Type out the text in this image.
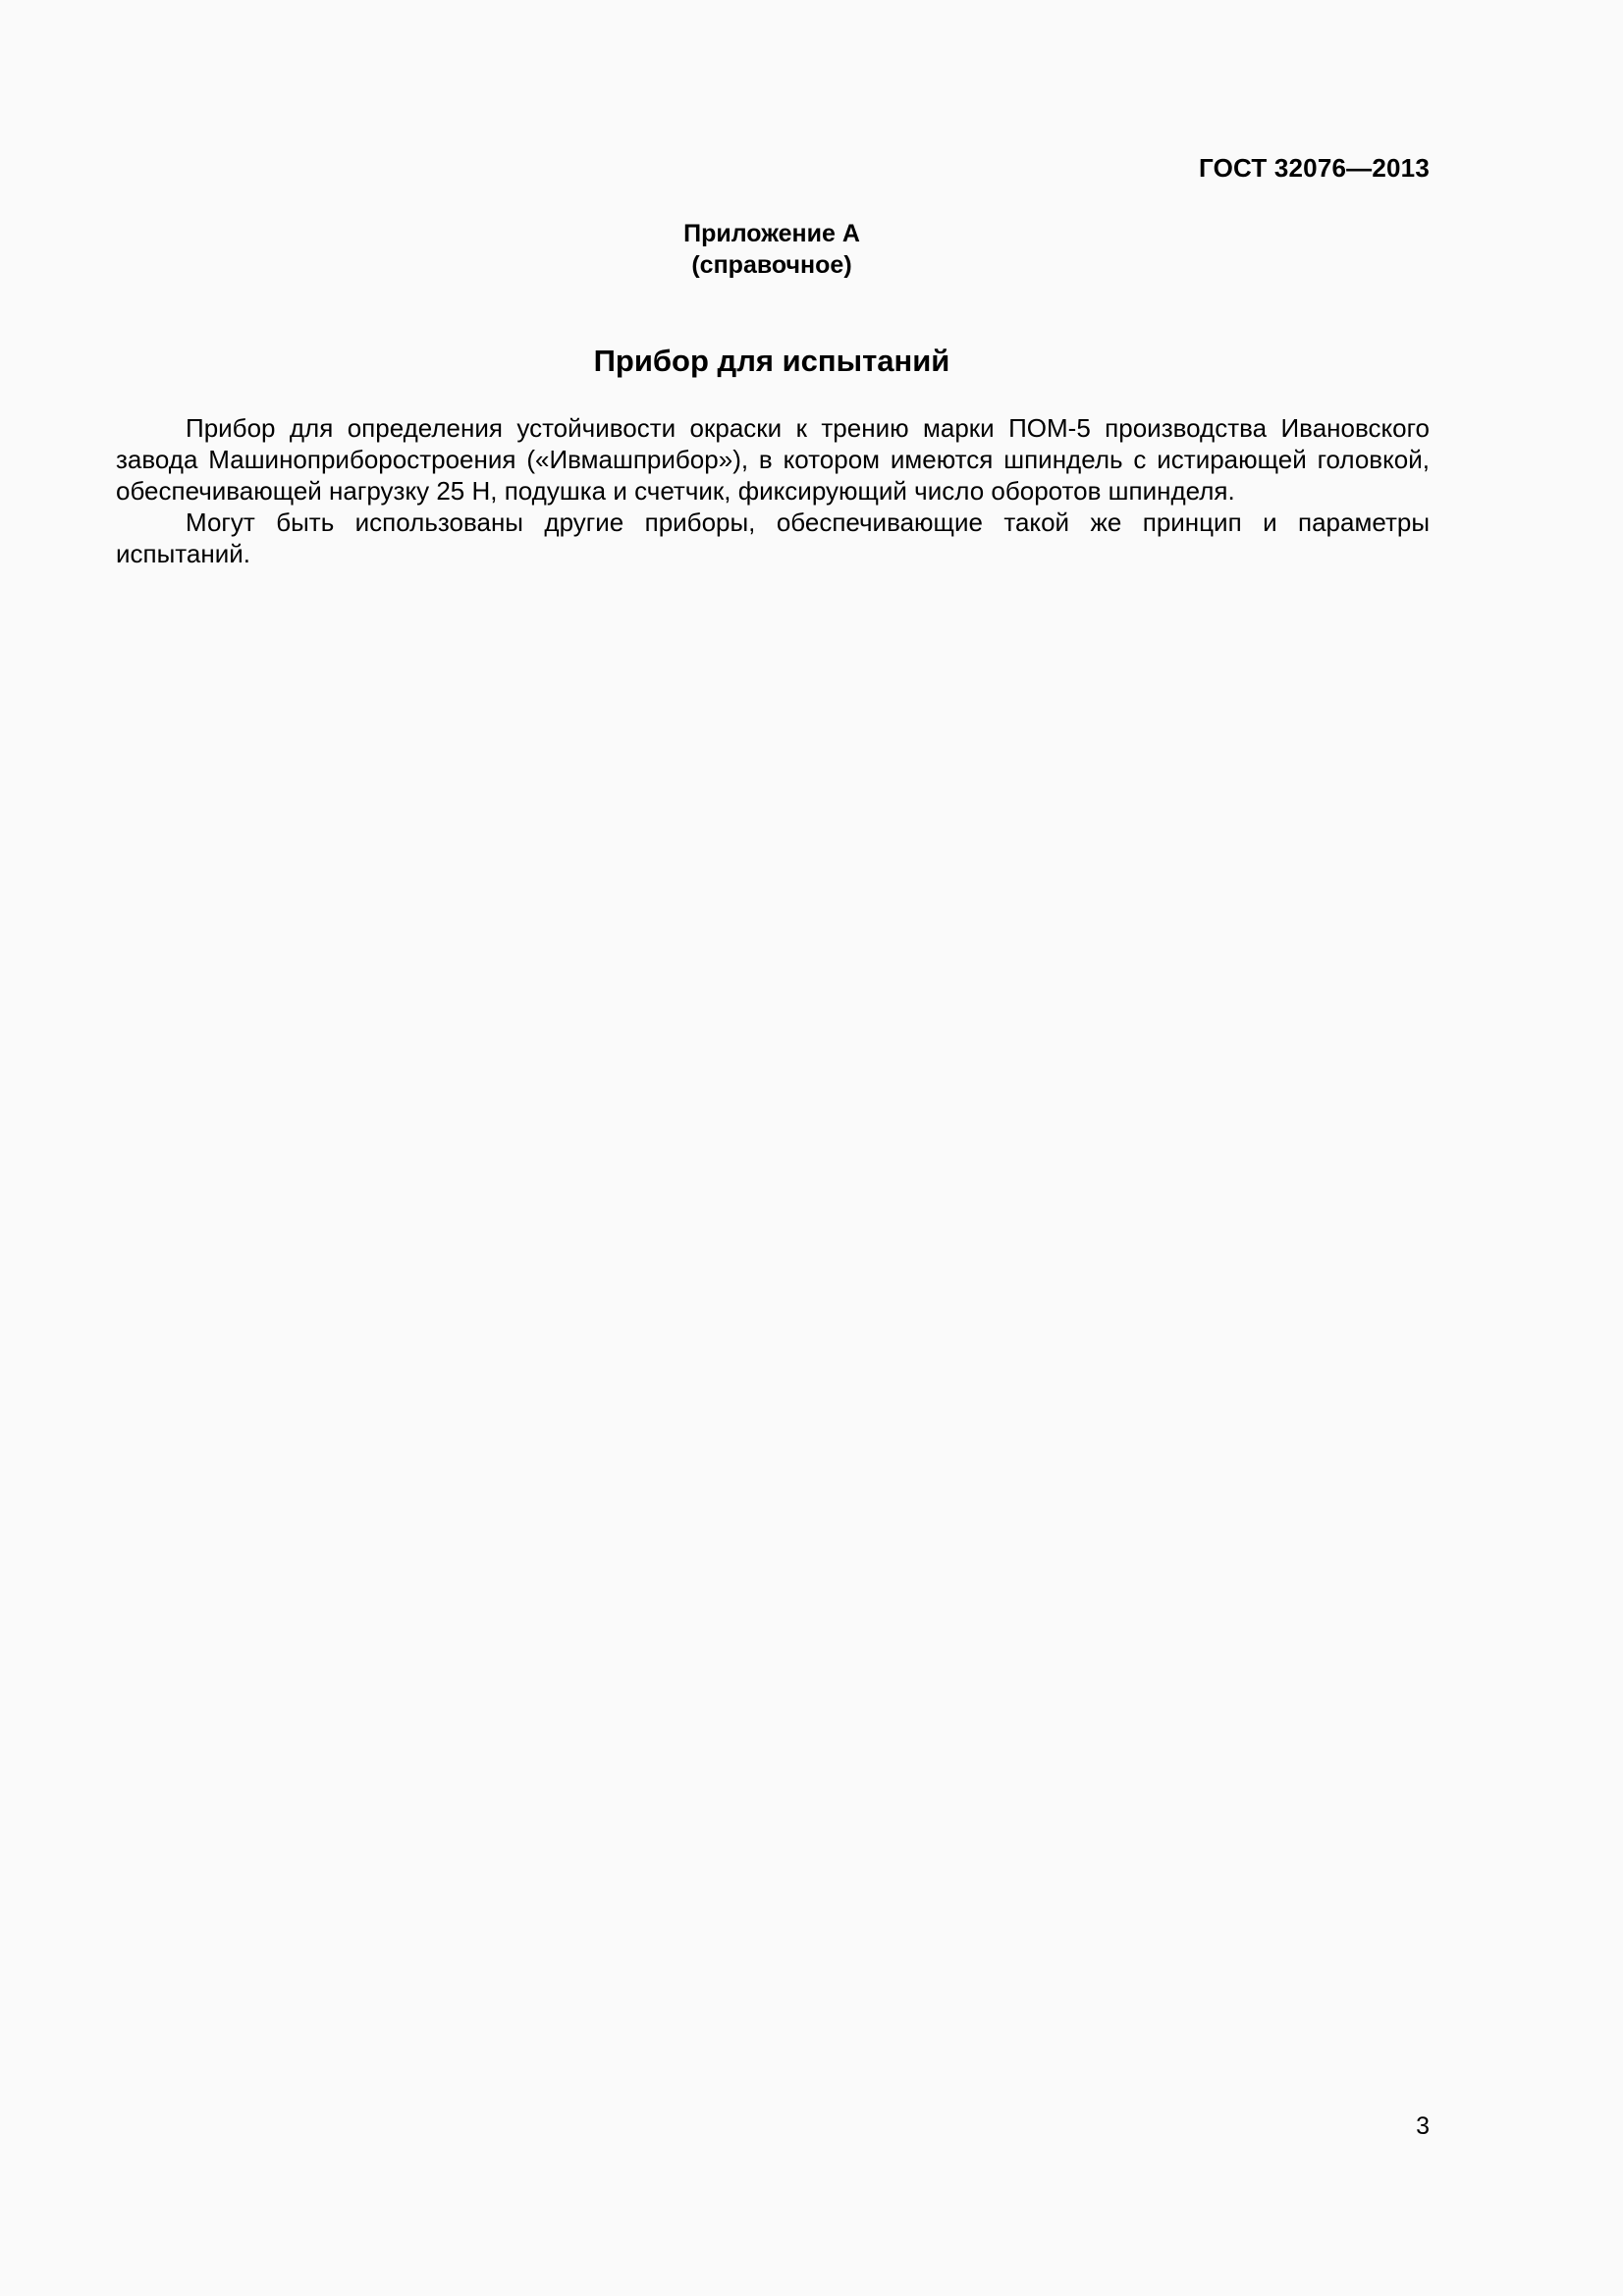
ГОСТ 32076—2013
Приложение А
(справочное)
Прибор для испытаний

Прибор для определения устойчивости окраски к трению марки ПОМ-5 производства Ивановского завода Машиноприборостроения («Ивмашприбор»), в котором имеются шпиндель с истирающей головкой, обеспечивающей нагрузку 25 Н, подушка и счетчик, фиксирующий число оборотов шпинделя.

Могут быть использованы другие приборы, обеспечивающие такой же принцип и параметры испытаний.

3
